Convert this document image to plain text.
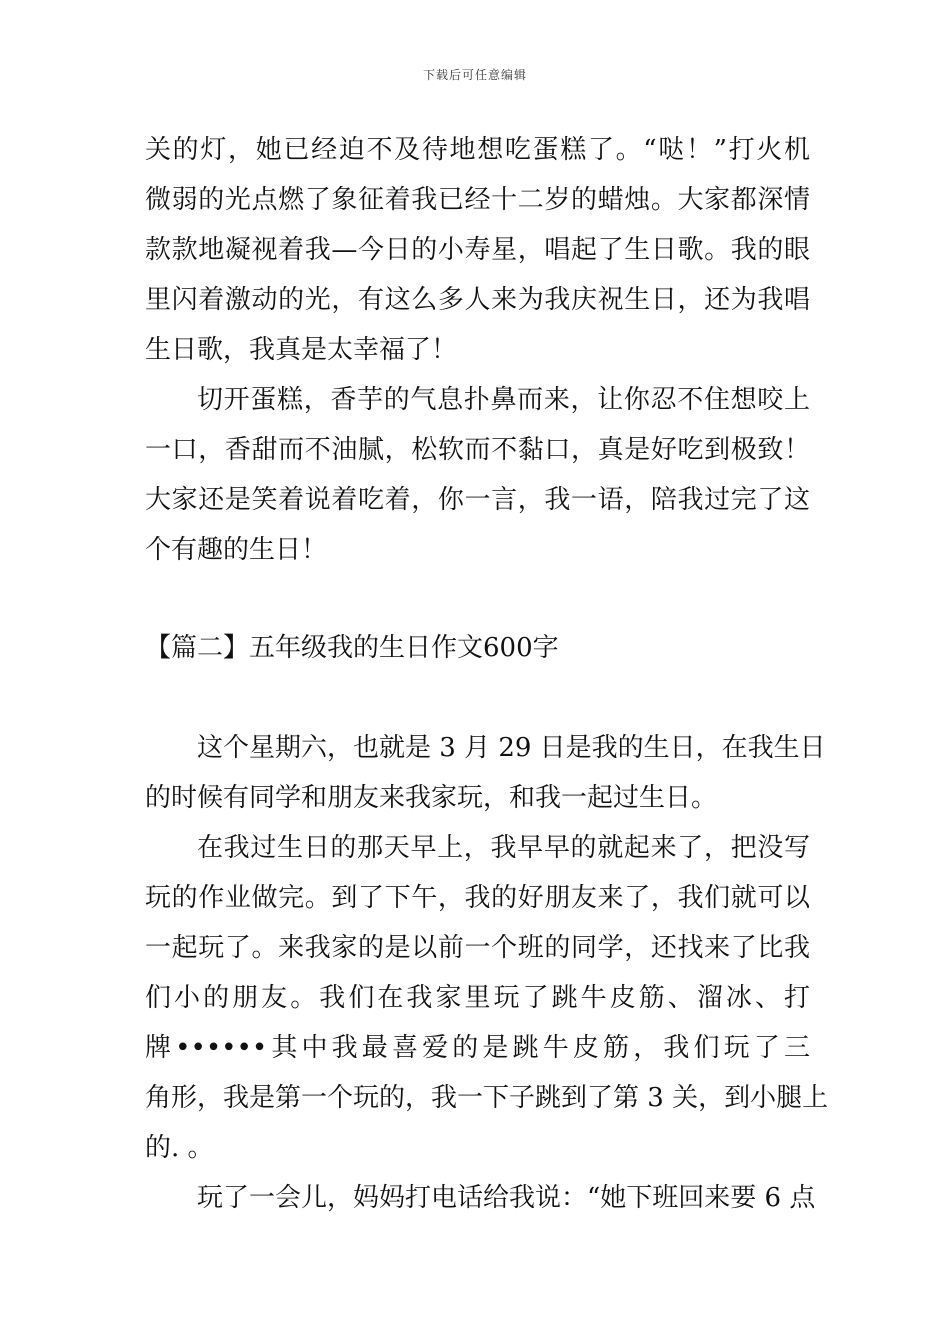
下载后可任意编辑
关的灯，她已经迫不及待地想吃蛋糕了。“哒！”打火机
微弱的光点燃了象征着我已经十二岁的蜡烛。大家都深情
款款地凝视着我—今日的小寿星，唱起了生日歌。我的眼
里闪着激动的光，有这么多人来为我庆祝生日，还为我唱
生日歌，我真是太幸福了！
切开蛋糕，香芋的气息扑鼻而来，让你忍不住想咬上
一口，香甜而不油腻，松软而不黏口，真是好吃到极致！
大家还是笑着说着吃着，你一言，我一语，陪我过完了这
个有趣的生日！
【篇二】五年级我的生日作文600字
这个星期六，也就是 3 月 29 日是我的生日，在我生日
的时候有同学和朋友来我家玩，和我一起过生日。
在我过生日的那天早上，我早早的就起来了，把没写
玩的作业做完。到了下午，我的好朋友来了，我们就可以
一起玩了。来我家的是以前一个班的同学，还找来了比我
们小的朋友。我们在我家里玩了跳牛皮筋、溜冰、打
牌••••••其中我最喜爱的是跳牛皮筋，我们玩了三
角形，我是第一个玩的，我一下子跳到了第 3 关，到小腿上
的. 。
玩了一会儿，妈妈打电话给我说：“她下班回来要 6 点
